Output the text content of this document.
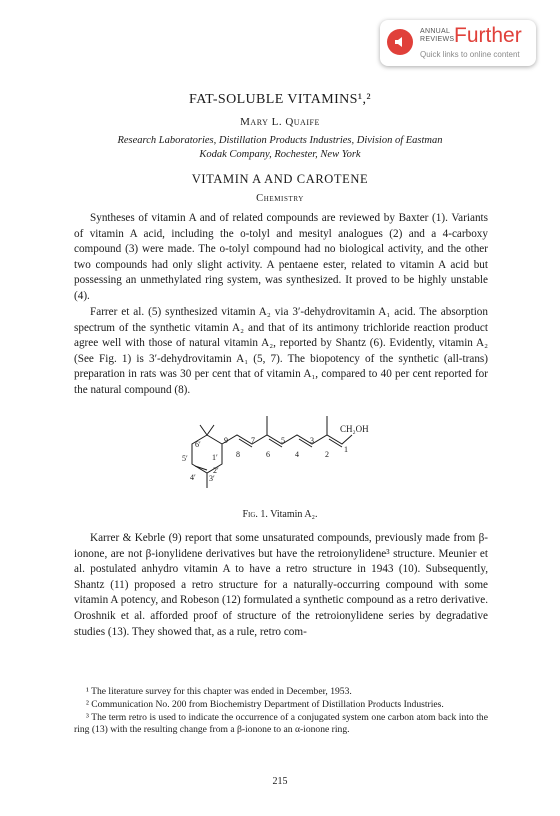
ANNUAL
REVIEWS Further
Quick links to online content
FAT-SOLUBLE VITAMINS¹,²
Mary L. Quaife
Research Laboratories, Distillation Products Industries, Division of Eastman
Kodak Company, Rochester, New York
VITAMIN A AND CAROTENE
Chemistry

Syntheses of vitamin A and of related compounds are reviewed by Baxter (1). Variants of vitamin A acid, including the o-tolyl and mesityl analogues (2) and a 4-carboxy compound (3) were made. The o-tolyl compound had no biological activity, and the other two compounds had only slight activity. A pentaene ester, related to vitamin A acid but possessing an unmethylated ring system, was synthesized. It proved to be highly unstable (4).

Farrer et al. (5) synthesized vitamin A₂ via 3′-dehydrovitamin A₁ acid. The absorption spectrum of the synthetic vitamin A₂ and that of its antimony trichloride reaction product agree well with those of natural vitamin A₂, reported by Shantz (6). Evidently, vitamin A₂ (See Fig. 1) is 3′-dehydrovitamin A₁ (5, 7). The biopotency of the synthetic (all-trans) preparation in rats was 30 per cent that of vitamin A₁, compared to 40 per cent reported for the natural compound (8).

6′
1′
5′
4′ 3′
2′
1
2
3
4
5
6
7
8
9
CH₂OH
Fig. 1. Vitamin A₂.

Karrer & Kebrle (9) report that some unsaturated compounds, previously made from β-ionone, are not β-ionylidene derivatives but have the retroionylidene³ structure. Meunier et al. postulated anhydro vitamin A to have a retro structure in 1943 (10). Subsequently, Shantz (11) proposed a retro structure for a naturally-occurring compound with some vitamin A potency, and Robeson (12) formulated a synthetic compound as a retro derivative. Oroshnik et al. afforded proof of structure of the retroionylidene series by degradative studies (13). They showed that, as a rule, retro com-

¹ The literature survey for this chapter was ended in December, 1953.

² Communication No. 200 from Biochemistry Department of Distillation Products Industries.

³ The term retro is used to indicate the occurrence of a conjugated system one carbon atom back into the ring (13) with the resulting change from a β-ionone to an α-ionone ring.

215
